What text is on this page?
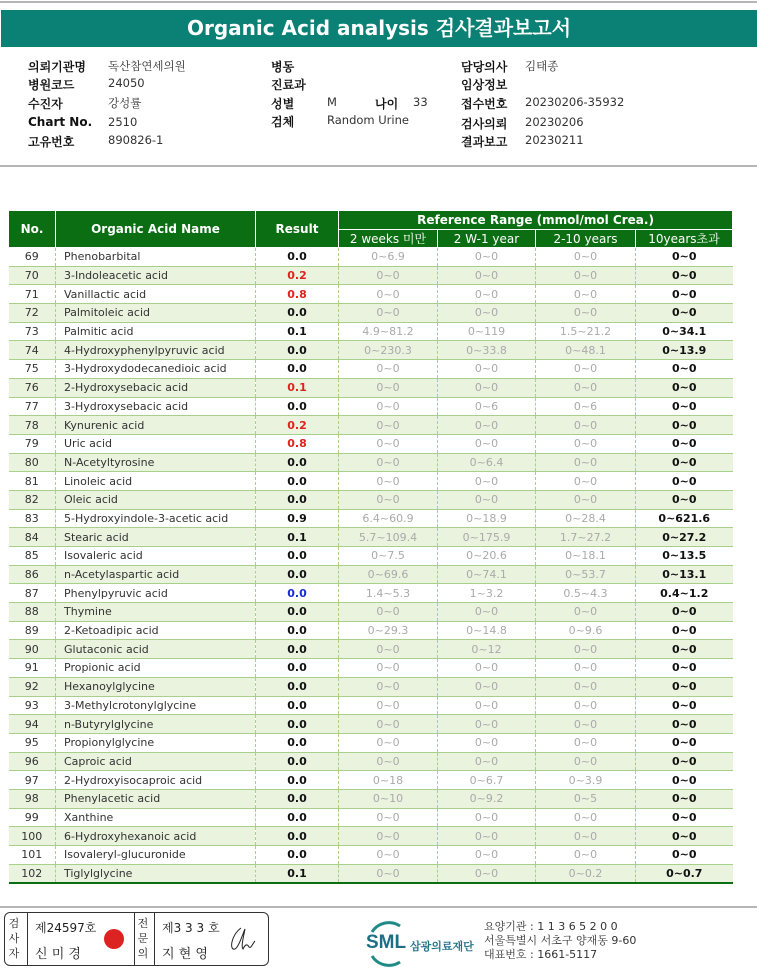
Organic Acid analysis 검사결과보고서
의뢰기관명 독산참연세의원
병원코드	24050
수진자	강성률
Chart No. 2510
고유번호	890826-1
병동
진료과
성별	M	나이 33
검체	Random Urine
담당의사 김태종
임상정보
접수번호 20230206-35932
검사의뢰 20230206
결과보고 20230211
No.	Organic Acid Name	Result	Reference Range (mmol/mol Crea.)			
			2 weeks 미만	2 W-1 year	2-10 years	10years초과
69	Phenobarbital	0.0	0~6.9	0~0	0~0	0~0
70	3-Indoleacetic acid	0.2	0~0	0~0	0~0	0~0
71	Vanillactic acid	0.8	0~0	0~0	0~0	0~0
72	Palmitoleic acid	0.0	0~0	0~0	0~0	0~0
73	Palmitic acid	0.1	4.9~81.2	0~119	1.5~21.2	0~34.1
74	4-Hydroxyphenylpyruvic acid	0.0	0~230.3	0~33.8	0~48.1	0~13.9
75	3-Hydroxydodecanedioic acid	0.0	0~0	0~0	0~0	0~0
76	2-Hydroxysebacic acid	0.1	0~0	0~0	0~0	0~0
77	3-Hydroxysebacic acid	0.0	0~0	0~6	0~6	0~0
78	Kynurenic acid	0.2	0~0	0~0	0~0	0~0
79	Uric acid	0.8	0~0	0~0	0~0	0~0
80	N-Acetyltyrosine	0.0	0~0	0~6.4	0~0	0~0
81	Linoleic acid	0.0	0~0	0~0	0~0	0~0
82	Oleic acid	0.0	0~0	0~0	0~0	0~0
83	5-Hydroxyindole-3-acetic acid	0.9	6.4~60.9	0~18.9	0~28.4	0~621.6
84	Stearic acid	0.1	5.7~109.4	0~175.9	1.7~27.2	0~27.2
85	Isovaleric acid	0.0	0~7.5	0~20.6	0~18.1	0~13.5
86	n-Acetylaspartic acid	0.0	0~69.6	0~74.1	0~53.7	0~13.1
87	Phenylpyruvic acid	0.0	1.4~5.3	1~3.2	0.5~4.3	0.4~1.2
88	Thymine	0.0	0~0	0~0	0~0	0~0
89	2-Ketoadipic acid	0.0	0~29.3	0~14.8	0~9.6	0~0
90	Glutaconic acid	0.0	0~0	0~12	0~0	0~0
91	Propionic acid	0.0	0~0	0~0	0~0	0~0
92	Hexanoylglycine	0.0	0~0	0~0	0~0	0~0
93	3-Methylcrotonylglycine	0.0	0~0	0~0	0~0	0~0
94	n-Butyrylglycine	0.0	0~0	0~0	0~0	0~0
95	Propionylglycine	0.0	0~0	0~0	0~0	0~0
96	Caproic acid	0.0	0~0	0~0	0~0	0~0
97	2-Hydroxyisocaproic acid	0.0	0~18	0~6.7	0~3.9	0~0
98	Phenylacetic acid	0.0	0~10	0~9.2	0~5	0~0
99	Xanthine	0.0	0~0	0~0	0~0	0~0
100	6-Hydroxyhexanoic acid	0.0	0~0	0~0	0~0	0~0
101	Isovaleryl-glucuronide	0.0	0~0	0~0	0~0	0~0
102	Tiglylglycine	0.1	0~0	0~0	0~0.2	0~0.7
검
사
자
제24597호
신 미 경
전
문
의
제3 3 3 호
지 현 영
SML 삼광의료재단
요양기관 : 1 1 3 6 5 2 0 0
서울특별시 서초구 양재동 9-60
대표번호 : 1661-5117
